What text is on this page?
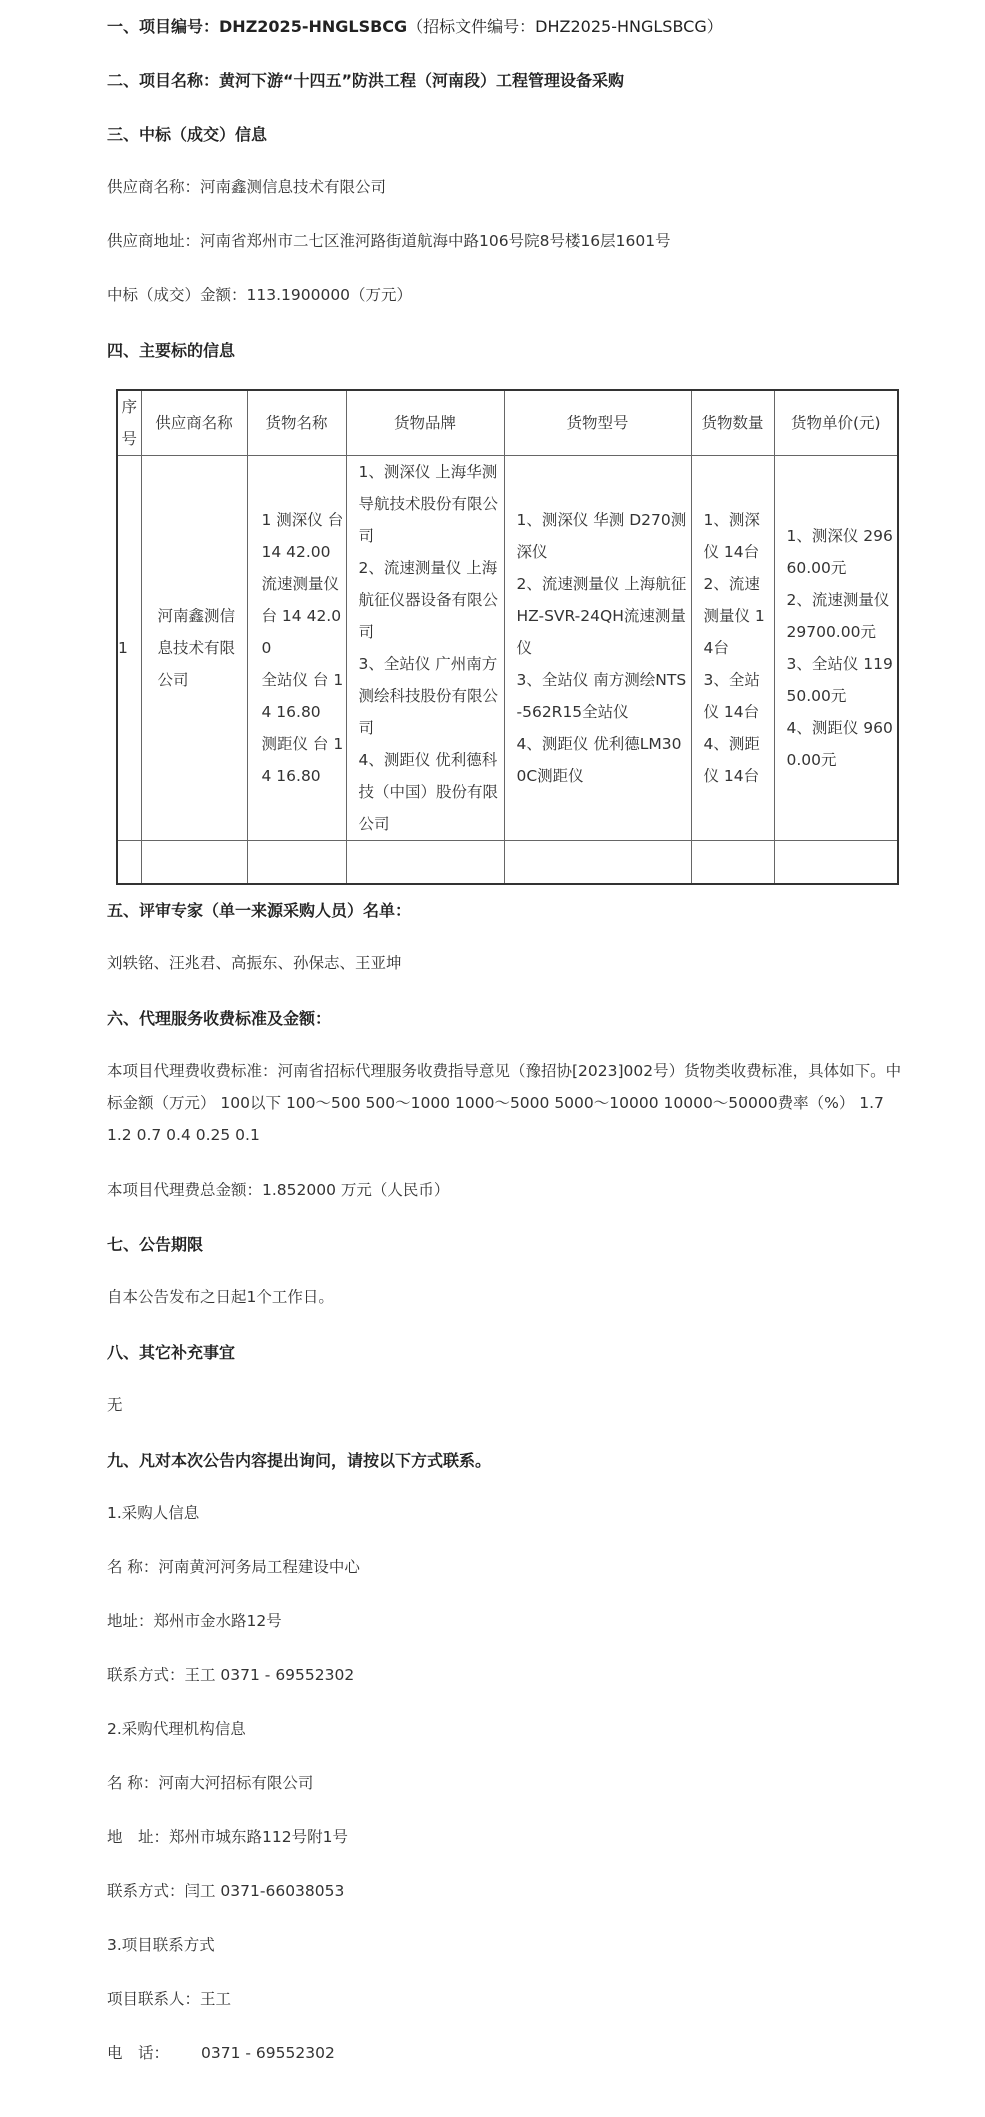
一、项目编号：DHZ2025-HNGLSBCG（招标文件编号：DHZ2025-HNGLSBCG）
二、项目名称：黄河下游“十四五”防洪工程（河南段）工程管理设备采购
三、中标（成交）信息
供应商名称：河南鑫测信息技术有限公司
供应商地址：河南省郑州市二七区淮河路街道航海中路106号院8号楼16层1601号
中标（成交）金额：113.1900000（万元）
四、主要标的信息
序号	供应商名称	货物名称	货物品牌	货物型号	货物数量	货物单价(元)

1	河南鑫测信息技术有限公司	1 测深仪 台 14 42.00
流速测量仪 台 14 42.00
全站仪 台 14 16.80
测距仪 台 14 16.80	1、测深仪 上海华测导航技术股份有限公司
2、流速测量仪 上海航征仪器设备有限公司
3、全站仪 广州南方测绘科技股份有限公司
4、测距仪 优利德科技（中国）股份有限公司	1、测深仪 华测 D270测深仪
2、流速测量仪 上海航征HZ-SVR-24QH流速测量仪
3、全站仪 南方测绘NTS-562R15全站仪
4、测距仪 优利德LM300C测距仪	1、测深仪 14台
2、流速测量仪 14台
3、全站仪 14台
4、测距仪 14台	1、测深仪 29660.00元
2、流速测量仪 29700.00元
3、全站仪 11950.00元
4、测距仪 9600.00元

五、评审专家（单一来源采购人员）名单：
刘轶铭、汪兆君、高振东、孙保志、王亚坤
六、代理服务收费标准及金额：
本项目代理费收费标准：河南省招标代理服务收费指导意见（豫招协[2023]002号）货物类收费标准，具体如下。中标金额（万元） 100以下 100～500 500～1000 1000～5000 5000～10000 10000～50000费率（%） 1.7 1.2 0.7 0.4 0.25 0.1
本项目代理费总金额：1.852000 万元（人民币）
七、公告期限
自本公告发布之日起1个工作日。
八、其它补充事宜
无
九、凡对本次公告内容提出询问，请按以下方式联系。
1.采购人信息
名 称：河南黄河河务局工程建设中心
地址：郑州市金水路12号
联系方式：王工 0371 - 69552302
2.采购代理机构信息
名 称：河南大河招标有限公司
地　址：郑州市城东路112号附1号
联系方式：闫工 0371-66038053
3.项目联系方式
项目联系人：王工
电　话： 0371 - 69552302
